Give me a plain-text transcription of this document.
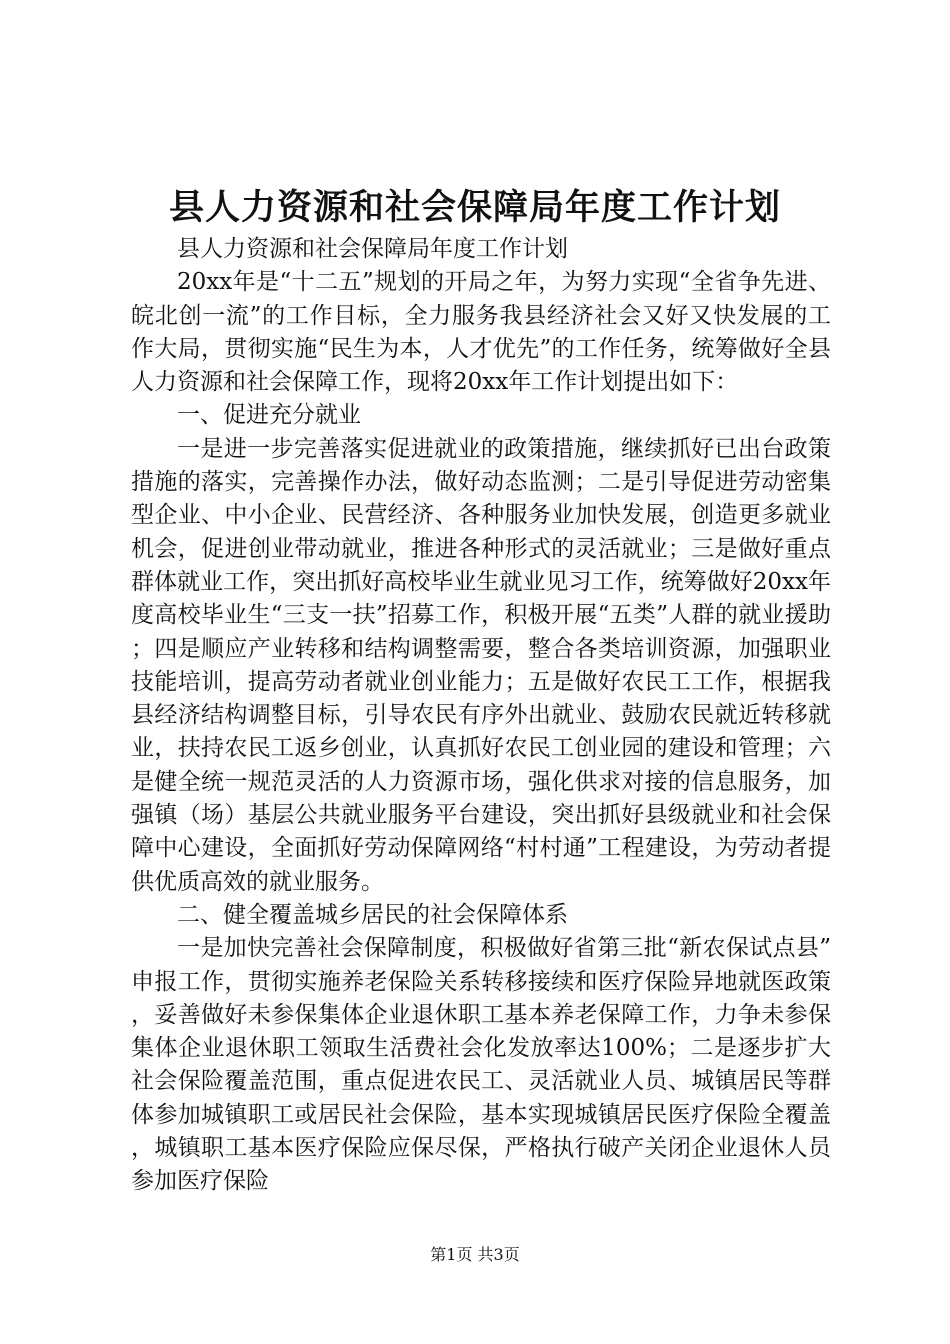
县人力资源和社会保障局年度工作计划

县人力资源和社会保障局年度工作计划

20xx年是“十二五”规划的开局之年，为努力实现“全省争先进、皖北创一流”的工作目标，全力服务我县经济社会又好又快发展的工作大局，贯彻实施“民生为本，人才优先”的工作任务，统筹做好全县人力资源和社会保障工作，现将20xx年工作计划提出如下：

一、促进充分就业

一是进一步完善落实促进就业的政策措施，继续抓好已出台政策措施的落实，完善操作办法，做好动态监测；二是引导促进劳动密集型企业、中小企业、民营经济、各种服务业加快发展，创造更多就业机会，促进创业带动就业，推进各种形式的灵活就业；三是做好重点群体就业工作，突出抓好高校毕业生就业见习工作，统筹做好20xx年度高校毕业生“三支一扶”招募工作，积极开展“五类”人群的就业援助；四是顺应产业转移和结构调整需要，整合各类培训资源，加强职业技能培训，提高劳动者就业创业能力；五是做好农民工工作，根据我县经济结构调整目标，引导农民有序外出就业、鼓励农民就近转移就业，扶持农民工返乡创业，认真抓好农民工创业园的建设和管理；六是健全统一规范灵活的人力资源市场，强化供求对接的信息服务，加强镇（场）基层公共就业服务平台建设，突出抓好县级就业和社会保障中心建设，全面抓好劳动保障网络“村村通”工程建设，为劳动者提供优质高效的就业服务。

二、健全覆盖城乡居民的社会保障体系

一是加快完善社会保障制度，积极做好省第三批“新农保试点县”申报工作，贯彻实施养老保险关系转移接续和医疗保险异地就医政策，妥善做好未参保集体企业退休职工基本养老保障工作，力争未参保集体企业退休职工领取生活费社会化发放率达100%；二是逐步扩大社会保险覆盖范围，重点促进农民工、灵活就业人员、城镇居民等群体参加城镇职工或居民社会保险，基本实现城镇居民医疗保险全覆盖，城镇职工基本医疗保险应保尽保，严格执行破产关闭企业退休人员参加医疗保险

第1页 共3页
